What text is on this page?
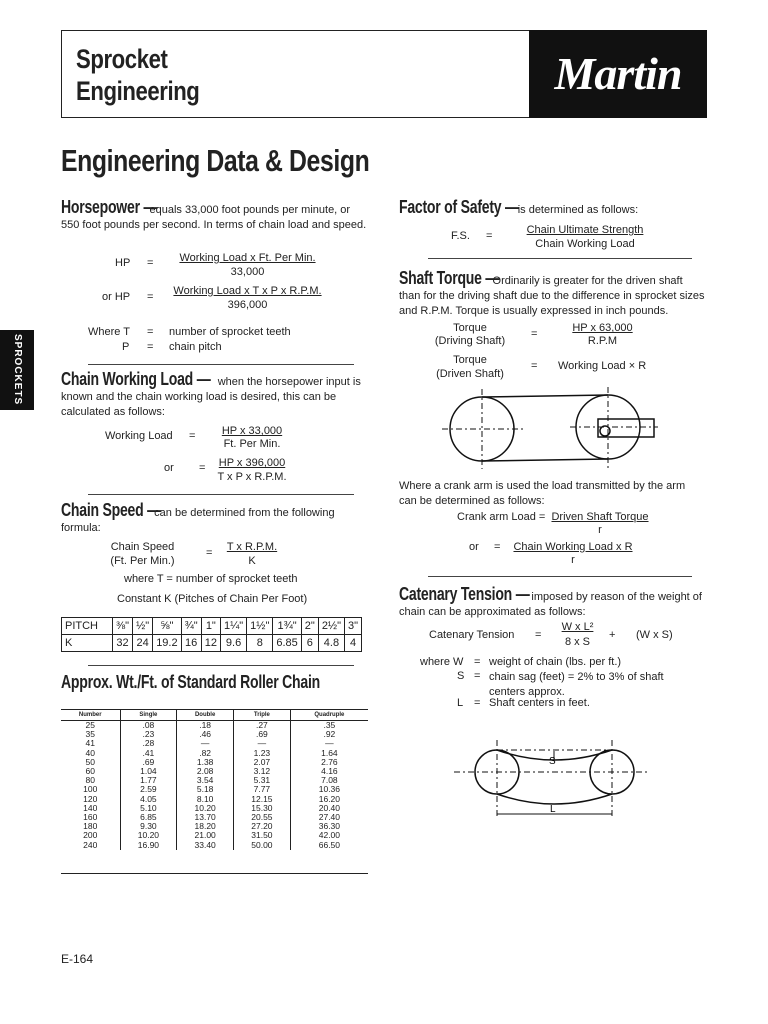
Sprocket
Engineering	Martin
Engineering Data & Design
SPROCKETS
Horsepower — equals 33,000 foot pounds per minute, or 550 foot pounds per second. In terms of chain load and speed.
HP =	Working Load x Ft. Per Min.
33,000
or HP =	Working Load x T x P x R.P.M.
396,000
Where T = number of sprocket teeth
P = chain pitch
Chain Working Load — when the horsepower input is known and the chain working load is desired, this can be calculated as follows:
Working Load =	HP x 33,000
Ft. Per Min.
or =	HP x 396,000
T x P x R.P.M.
Chain Speed — can be determined from the following formula:
Chain Speed
(Ft. Per Min.)
=	T x R.P.M.
K
where T = number of sprocket teeth
Constant K (Pitches of Chain Per Foot)
PITCH	⅜"	½"	⅝"	¾"	1"	1¼"	1½"	1¾"	2"	2½"	3"
K	32	24	19.2	16	12	9.6	8	6.85	6	4.8	4
Approx. Wt./Ft. of Standard Roller Chain
Number	Single	Double	Triple	Quadruple
25	.08	.18	.27	.35
35	.23	.46	.69	.92
41	.28	—	—	—
40	.41	.82	1.23	1.64
50	.69	1.38	2.07	2.76
60	1.04	2.08	3.12	4.16
80	1.77	3.54	5.31	7.08
100	2.59	5.18	7.77	10.36
120	4.05	8.10	12.15	16.20
140	5.10	10.20	15.30	20.40
160	6.85	13.70	20.55	27.40
180	9.30	18.20	27.20	36.30
200	10.20	21.00	31.50	42.00
240	16.90	33.40	50.00	66.50
E-164
Factor of Safety — is determined as follows:
F.S. =	Chain Ultimate Strength
Chain Working Load
Shaft Torque — Ordinarily is greater for the driven shaft than for the driving shaft due to the difference in sprocket sizes and R.P.M. Torque is usually expressed in inch pounds.
Torque
(Driving Shaft)
=	HP x 63,000
R.P.M
Torque
(Driven Shaft)
= Working Load × R
Where a crank arm is used the load transmitted by the arm can be determined as follows:
Crank arm Load = Driven Shaft Torque
r
or = Chain Working Load x R
r
Catenary Tension — imposed by reason of the weight of chain can be approximated as follows:
Catenary Tension =
W x L²
8 x S
+ (W x S)
where W = weight of chain (lbs. per ft.)
S = chain sag (feet) = 2% to 3% of shaft centers approx.
L = Shaft centers in feet.
S
L
